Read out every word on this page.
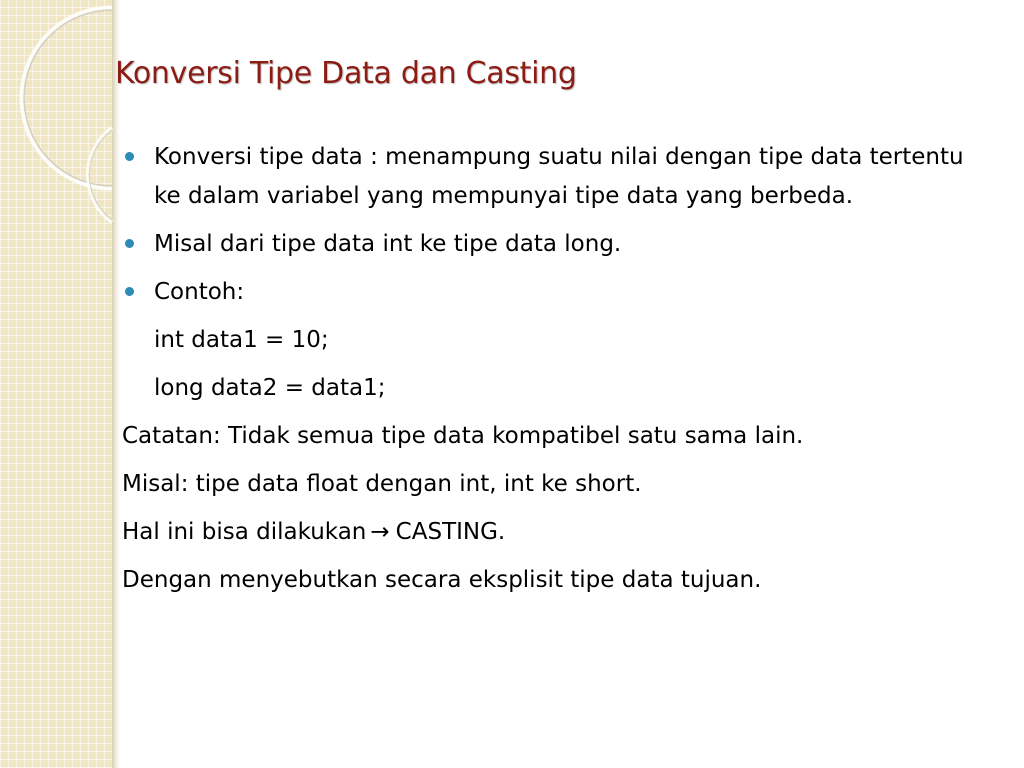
Konversi Tipe Data dan Casting
Konversi tipe data : menampung suatu nilai dengan tipe data tertentu ke dalam variabel yang mempunyai tipe data yang berbeda.
Misal dari tipe data int ke tipe data long.
Contoh:
int data1 = 10;
long data2 = data1;
Catatan: Tidak semua tipe data kompatibel satu sama lain.
Misal: tipe data float dengan int, int ke short.
Hal ini bisa dilakukan → CASTING.
Dengan menyebutkan secara eksplisit tipe data tujuan.
